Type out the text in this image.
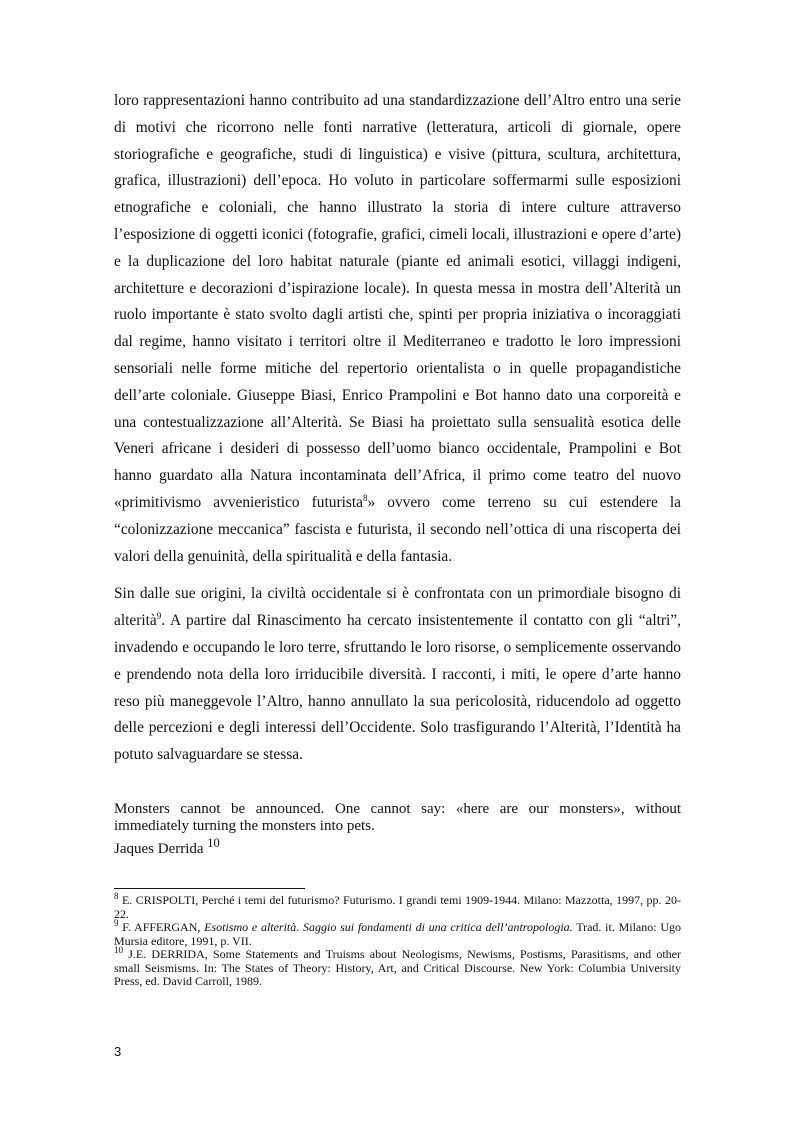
loro rappresentazioni hanno contribuito ad una standardizzazione dell’Altro entro una serie di motivi che ricorrono nelle fonti narrative (letteratura, articoli di giornale, opere storiografiche e geografiche, studi di linguistica) e visive (pittura, scultura, architettura, grafica, illustrazioni) dell’epoca. Ho voluto in particolare soffermarmi sulle esposizioni etnografiche e coloniali, che hanno illustrato la storia di intere culture attraverso l’esposizione di oggetti iconici (fotografie, grafici, cimeli locali, illustrazioni e opere d’arte) e la duplicazione del loro habitat naturale (piante ed animali esotici, villaggi indigeni, architetture e decorazioni d’ispirazione locale). In questa messa in mostra dell’Alterità un ruolo importante è stato svolto dagli artisti che, spinti per propria iniziativa o incoraggiati dal regime, hanno visitato i territori oltre il Mediterraneo e tradotto le loro impressioni sensoriali nelle forme mitiche del repertorio orientalista o in quelle propagandistiche dell’arte coloniale. Giuseppe Biasi, Enrico Prampolini e Bot hanno dato una corporeità e una contestualizzazione all’Alterità. Se Biasi ha proiettato sulla sensualità esotica delle Veneri africane i desideri di possesso dell’uomo bianco occidentale, Prampolini e Bot hanno guardato alla Natura incontaminata dell’Africa, il primo come teatro del nuovo «primitivismo avvenieristico futurista$^8$» ovvero come terreno su cui estendere la “colonizzazione meccanica” fascista e futurista, il secondo nell’ottica di una riscoperta dei valori della genuinità, della spiritualità e della fantasia.

Sin dalle sue origini, la civiltà occidentale si è confrontata con un primordiale bisogno di alterità$^9$. A partire dal Rinascimento ha cercato insistentemente il contatto con gli “altri”, invadendo e occupando le loro terre, sfruttando le loro risorse, o semplicemente osservando e prendendo nota della loro irriducibile diversità. I racconti, i miti, le opere d’arte hanno reso più maneggevole l’Altro, hanno annullato la sua pericolosità, riducendolo ad oggetto delle percezioni e degli interessi dell’Occidente. Solo trasfigurando l’Alterità, l’Identità ha potuto salvaguardare se stessa.

Monsters cannot be announced. One cannot say: «here are our monsters», without immediately turning the monsters into pets.
Jaques Derrida $^{10}$

$^8$ E. CRISPOLTI, Perché i temi del futurismo? Futurismo. I grandi temi 1909-1944. Milano: Mazzotta, 1997, pp. 20-22.

$^9$ F. AFFERGAN, Esotismo e alterità. Saggio sui fondamenti di una critica dell’antropologia. Trad. it. Milano: Ugo Mursia editore, 1991, p. VII.

$^{10}$ J.E. DERRIDA, Some Statements and Truisms about Neologisms, Newisms, Postisms, Parasitisms, and other small Seismisms. In: The States of Theory: History, Art, and Critical Discourse. New York: Columbia University Press, ed. David Carroll, 1989.

3
